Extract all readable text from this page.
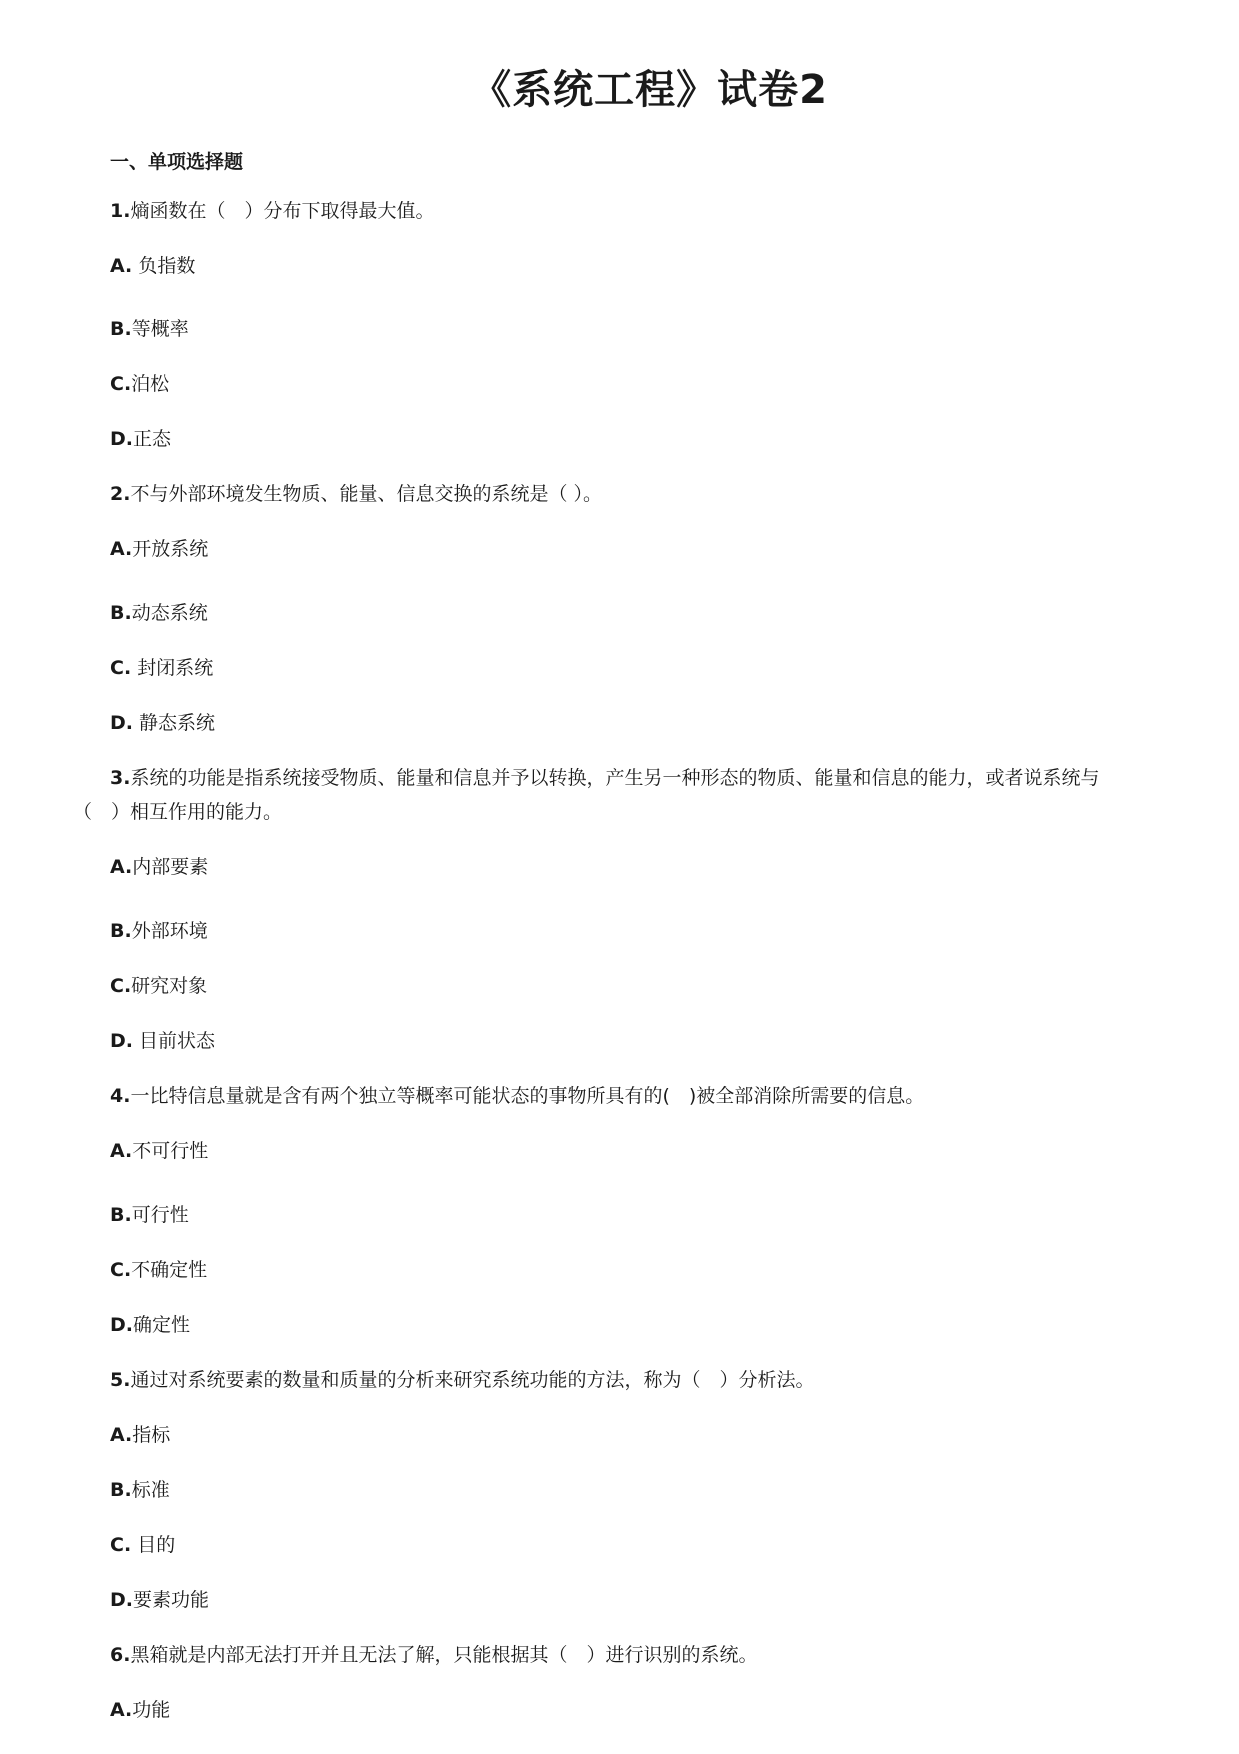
《系统工程》试卷2

一、单项选择题

1.熵函数在（　）分布下取得最大值。

A. 负指数

B.等概率

C.泊松

D.正态

2.不与外部环境发生物质、能量、信息交换的系统是（ ）。

A.开放系统

B.动态系统

C. 封闭系统

D. 静态系统

3.系统的功能是指系统接受物质、能量和信息并予以转换，产生另一种形态的物质、能量和信息的能力，或者说系统与

（　）相互作用的能力。

A.内部要素

B.外部环境

C.研究对象

D. 目前状态

4.一比特信息量就是含有两个独立等概率可能状态的事物所具有的(　)被全部消除所需要的信息。

A.不可行性

B.可行性

C.不确定性

D.确定性

5.通过对系统要素的数量和质量的分析来研究系统功能的方法，称为（　）分析法。

A.指标

B.标准

C. 目的

D.要素功能

6.黑箱就是内部无法打开并且无法了解，只能根据其（　）进行识别的系统。

A.功能
